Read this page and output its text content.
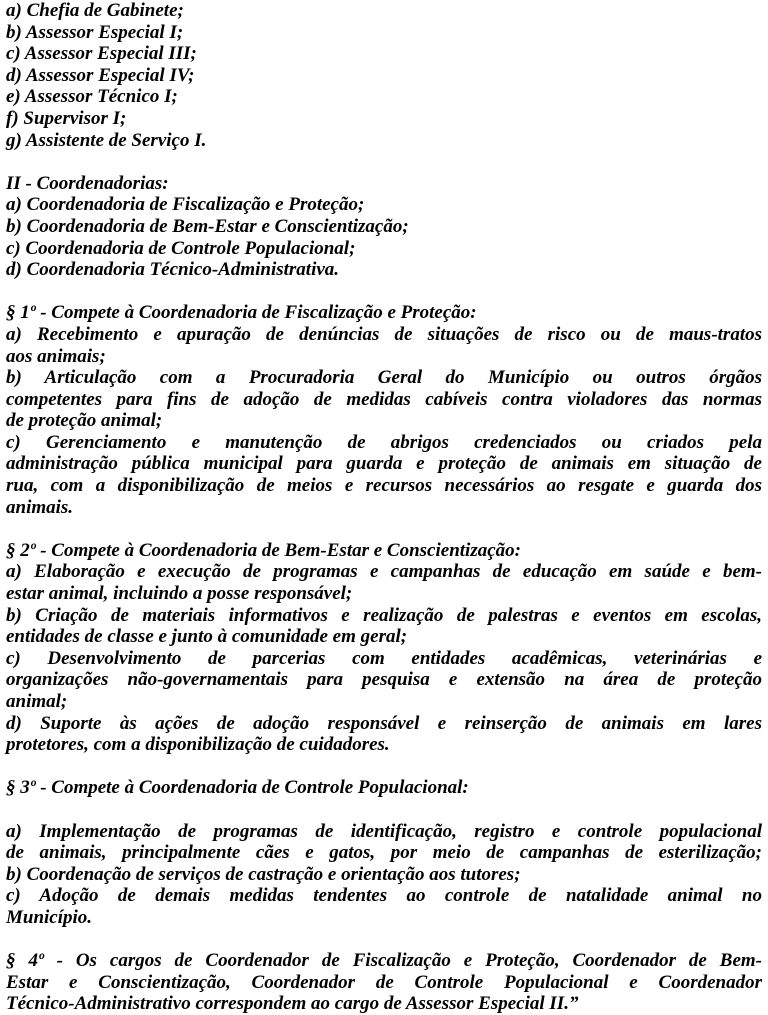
a) Chefia de Gabinete;
b) Assessor Especial I;
c) Assessor Especial III;
d) Assessor Especial IV;
e) Assessor Técnico I;
f) Supervisor I;
g) Assistente de Serviço I.
II - Coordenadorias:
a) Coordenadoria de Fiscalização e Proteção;
b) Coordenadoria de Bem-Estar e Conscientização;
c) Coordenadoria de Controle Populacional;
d) Coordenadoria Técnico-Administrativa.
§ 1º - Compete à Coordenadoria de Fiscalização e Proteção:
a) Recebimento e apuração de denúncias de situações de risco ou de maus-tratos
aos animais;
b) Articulação com a Procuradoria Geral do Município ou outros órgãos
competentes para fins de adoção de medidas cabíveis contra violadores das normas
de proteção animal;
c) Gerenciamento e manutenção de abrigos credenciados ou criados pela
administração pública municipal para guarda e proteção de animais em situação de
rua, com a disponibilização de meios e recursos necessários ao resgate e guarda dos
animais.
§ 2º - Compete à Coordenadoria de Bem-Estar e Conscientização:
a) Elaboração e execução de programas e campanhas de educação em saúde e bem-
estar animal, incluindo a posse responsável;
b) Criação de materiais informativos e realização de palestras e eventos em escolas,
entidades de classe e junto à comunidade em geral;
c) Desenvolvimento de parcerias com entidades acadêmicas, veterinárias e
organizações não-governamentais para pesquisa e extensão na área de proteção
animal;
d) Suporte às ações de adoção responsável e reinserção de animais em lares
protetores, com a disponibilização de cuidadores.
§ 3º - Compete à Coordenadoria de Controle Populacional:
a) Implementação de programas de identificação, registro e controle populacional
de animais, principalmente cães e gatos, por meio de campanhas de esterilização;
b) Coordenação de serviços de castração e orientação aos tutores;
c) Adoção de demais medidas tendentes ao controle de natalidade animal no
Município.
§ 4º - Os cargos de Coordenador de Fiscalização e Proteção, Coordenador de Bem-
Estar e Conscientização, Coordenador de Controle Populacional e Coordenador
Técnico-Administrativo correspondem ao cargo de Assessor Especial II.”
